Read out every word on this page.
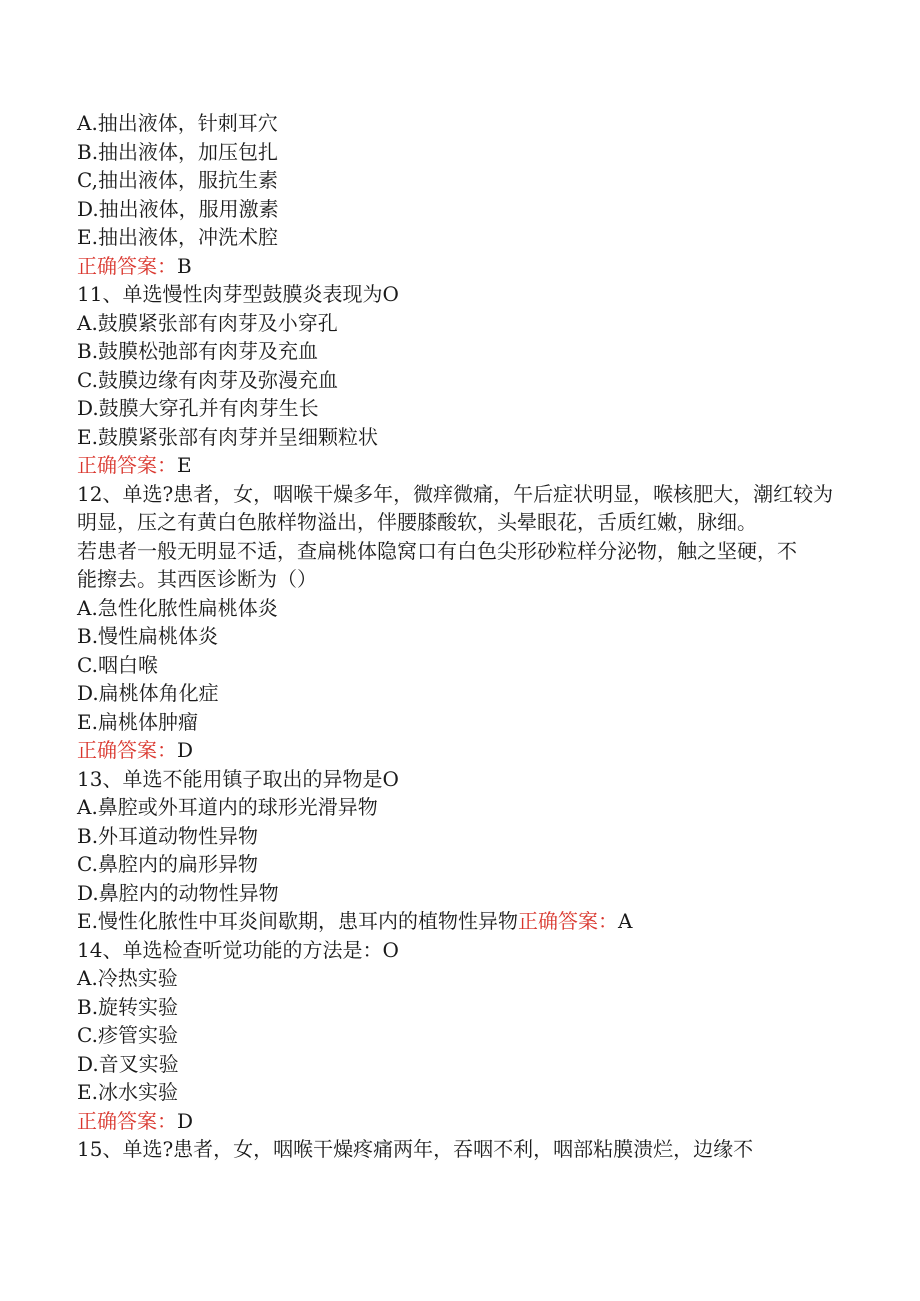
A.抽出液体，针刺耳穴
B.抽出液体，加压包扎
C,抽出液体，服抗生素
D.抽出液体，服用激素
E.抽出液体，冲洗术腔
正确答案：B
11、单选慢性肉芽型鼓膜炎表现为O
A.鼓膜紧张部有肉芽及小穿孔
B.鼓膜松弛部有肉芽及充血
C.鼓膜边缘有肉芽及弥漫充血
D.鼓膜大穿孔并有肉芽生长
E.鼓膜紧张部有肉芽并呈细颗粒状
正确答案：E
12、单选?患者，女，咽喉干燥多年，微痒微痛，午后症状明显，喉核肥大，潮红较为明显，压之有黄白色脓样物溢出，伴腰膝酸软，头晕眼花，舌质红嫩，脉细。
若患者一般无明显不适，查扁桃体隐窝口有白色尖形砂粒样分泌物，触之坚硬，不能擦去。其西医诊断为（）
A.急性化脓性扁桃体炎
B.慢性扁桃体炎
C.咽白喉
D.扁桃体角化症
E.扁桃体肿瘤
正确答案：D
13、单选不能用镇子取出的异物是O
A.鼻腔或外耳道内的球形光滑异物
B.外耳道动物性异物
C.鼻腔内的扁形异物
D.鼻腔内的动物性异物
E.慢性化脓性中耳炎间歇期，患耳内的植物性异物正确答案：A
14、单选检查听觉功能的方法是：O
A.冷热实验
B.旋转实验
C.疹管实验
D.音叉实验
E.冰水实验
正确答案：D
15、单选?患者，女，咽喉干燥疼痛两年，吞咽不利，咽部粘膜溃烂，边缘不
